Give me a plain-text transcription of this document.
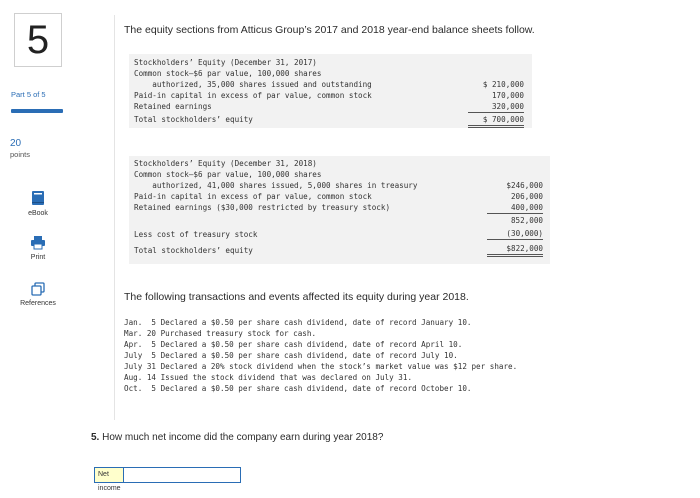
5
Part 5 of 5
20
points
eBook
Print
References
The equity sections from Atticus Group’s 2017 and 2018 year-end balance sheets follow.
Stockholders’ Equity (December 31, 2017)
Common stock—$6 par value, 100,000 shares
authorized, 35,000 shares issued and outstanding	$ 210,000
Paid-in capital in excess of par value, common stock	170,000
Retained earnings	320,000
Total stockholders’ equity	$ 700,000
Stockholders’ Equity (December 31, 2018)
Common stock—$6 par value, 100,000 shares
authorized, 41,000 shares issued, 5,000 shares in treasury	$246,000
Paid-in capital in excess of par value, common stock	206,000
Retained earnings ($30,000 restricted by treasury stock)	400,000
852,000
Less cost of treasury stock	(30,000)
Total stockholders’ equity	$822,000
The following transactions and events affected its equity during year 2018.
Jan.  5 Declared a $0.50 per share cash dividend, date of record January 10.
Mar. 20 Purchased treasury stock for cash.
Apr.  5 Declared a $0.50 per share cash dividend, date of record April 10.
July  5 Declared a $0.50 per share cash dividend, date of record July 10.
July 31 Declared a 20% stock dividend when the stock’s market value was $12 per share.
Aug. 14 Issued the stock dividend that was declared on July 31.
Oct.  5 Declared a $0.50 per share cash dividend, date of record October 10.
5. How much net income did the company earn during year 2018?
Net income
